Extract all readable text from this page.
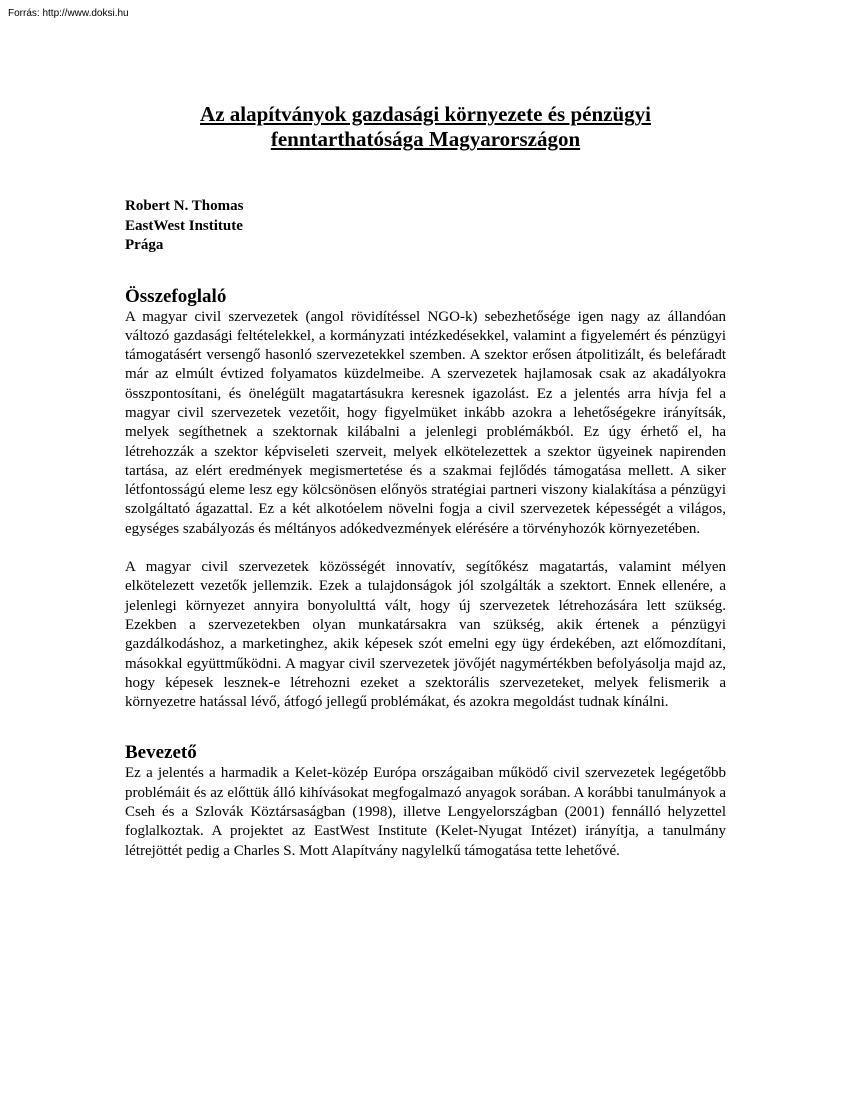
Forrás: http://www.doksi.hu
Az alapítványok gazdasági környezete és pénzügyi
fenntarthatósága Magyarországon
Robert N. Thomas
EastWest Institute
Prága
Összefoglaló

A magyar civil szervezetek (angol rövidítéssel NGO-k) sebezhetősége igen nagy az állandóan változó gazdasági feltételekkel, a kormányzati intézkedésekkel, valamint a figyelemért és pénzügyi támogatásért versengő hasonló szervezetekkel szemben. A szektor erősen átpolitizált, és belefáradt már az elmúlt évtized folyamatos küzdelmeibe. A szervezetek hajlamosak csak az akadályokra összpontosítani, és önelégült magatartásukra keresnek igazolást. Ez a jelentés arra hívja fel a magyar civil szervezetek vezetőit, hogy figyelmüket inkább azokra a lehetőségekre irányítsák, melyek segíthetnek a szektornak kilábalni a jelenlegi problémákból. Ez úgy érhető el, ha létrehozzák a szektor képviseleti szerveit, melyek elkötelezettek a szektor ügyeinek napirenden tartása, az elért eredmények megismertetése és a szakmai fejlődés támogatása mellett. A siker létfontosságú eleme lesz egy kölcsönösen előnyös stratégiai partneri viszony kialakítása a pénzügyi szolgáltató ágazattal. Ez a két alkotóelem növelni fogja a civil szervezetek képességét a világos, egységes szabályozás és méltányos adókedvezmények elérésére a törvényhozók környezetében.

A magyar civil szervezetek közösségét innovatív, segítőkész magatartás, valamint mélyen elkötelezett vezetők jellemzik. Ezek a tulajdonságok jól szolgálták a szektort. Ennek ellenére, a jelenlegi környezet annyira bonyolulttá vált, hogy új szervezetek létrehozására lett szükség. Ezekben a szervezetekben olyan munkatársakra van szükség, akik értenek a pénzügyi gazdálkodáshoz, a marketinghez, akik képesek szót emelni egy ügy érdekében, azt előmozdítani, másokkal együttműködni. A magyar civil szervezetek jövőjét nagymértékben befolyásolja majd az, hogy képesek lesznek-e létrehozni ezeket a szektorális szervezeteket, melyek felismerik a környezetre hatással lévő, átfogó jellegű problémákat, és azokra megoldást tudnak kínálni.

Bevezető

Ez a jelentés a harmadik a Kelet-közép Európa országaiban működő civil szervezetek legégetőbb problémáit és az előttük álló kihívásokat megfogalmazó anyagok sorában. A korábbi tanulmányok a Cseh és a Szlovák Köztársaságban (1998), illetve Lengyelországban (2001) fennálló helyzettel foglalkoztak. A projektet az EastWest Institute (Kelet-Nyugat Intézet) irányítja, a tanulmány létrejöttét pedig a Charles S. Mott Alapítvány nagylelkű támogatása tette lehetővé.
